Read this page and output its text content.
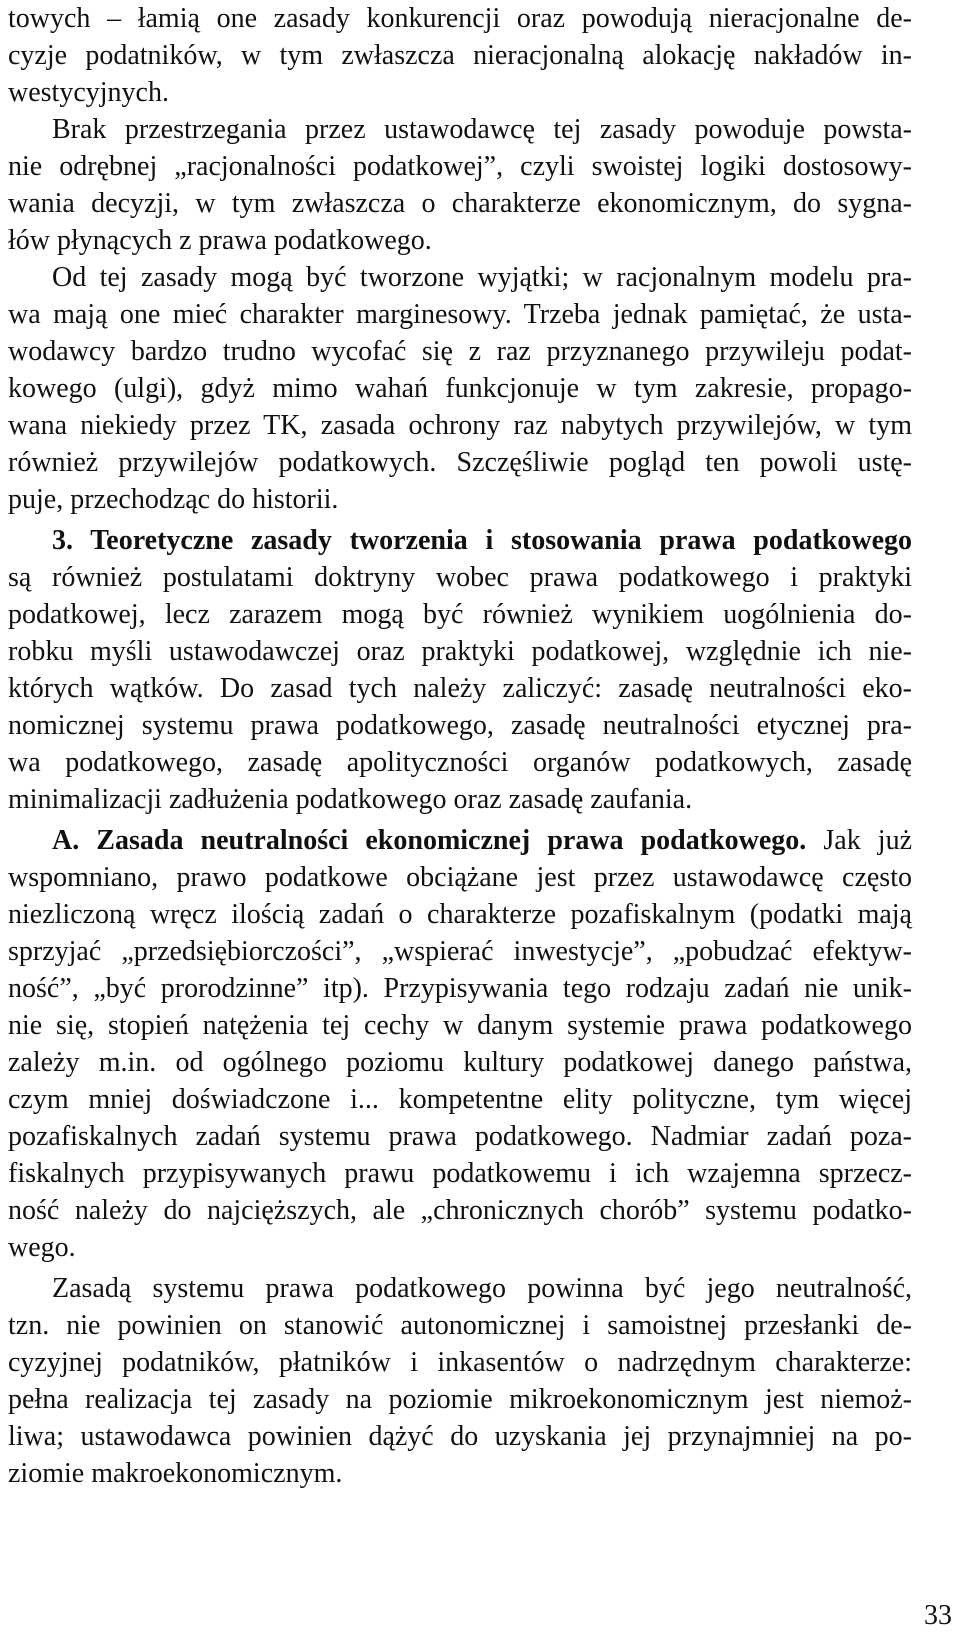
towych – łamią one zasady konkurencji oraz powodują nieracjonalne de-
cyzje podatników, w tym zwłaszcza nieracjonalną alokację nakładów in-
westycyjnych.
Brak przestrzegania przez ustawodawcę tej zasady powoduje powsta-
nie odrębnej „racjonalności podatkowej”, czyli swoistej logiki dostosowy-
wania decyzji, w tym zwłaszcza o charakterze ekonomicznym, do sygna-
łów płynących z prawa podatkowego.
Od tej zasady mogą być tworzone wyjątki; w racjonalnym modelu pra-
wa mają one mieć charakter marginesowy. Trzeba jednak pamiętać, że usta-
wodawcy bardzo trudno wycofać się z raz przyznanego przywileju podat-
kowego (ulgi), gdyż mimo wahań funkcjonuje w tym zakresie, propago-
wana niekiedy przez TK, zasada ochrony raz nabytych przywilejów, w tym
również przywilejów podatkowych. Szczęśliwie pogląd ten powoli ustę-
puje, przechodząc do historii.
3. Teoretyczne zasady tworzenia i stosowania prawa podatkowego
są również postulatami doktryny wobec prawa podatkowego i praktyki
podatkowej, lecz zarazem mogą być również wynikiem uogólnienia do-
robku myśli ustawodawczej oraz praktyki podatkowej, względnie ich nie-
których wątków. Do zasad tych należy zaliczyć: zasadę neutralności eko-
nomicznej systemu prawa podatkowego, zasadę neutralności etycznej pra-
wa podatkowego, zasadę apolityczności organów podatkowych, zasadę
minimalizacji zadłużenia podatkowego oraz zasadę zaufania.
A. Zasada neutralności ekonomicznej prawa podatkowego. Jak już
wspomniano, prawo podatkowe obciążane jest przez ustawodawcę często
niezliczoną wręcz ilością zadań o charakterze pozafiskalnym (podatki mają
sprzyjać „przedsiębiorczości”, „wspierać inwestycje”, „pobudzać efektyw-
ność”, „być prorodzinne” itp). Przypisywania tego rodzaju zadań nie unik-
nie się, stopień natężenia tej cechy w danym systemie prawa podatkowego
zależy m.in. od ogólnego poziomu kultury podatkowej danego państwa,
czym mniej doświadczone i... kompetentne elity polityczne, tym więcej
pozafiskalnych zadań systemu prawa podatkowego. Nadmiar zadań poza-
fiskalnych przypisywanych prawu podatkowemu i ich wzajemna sprzecz-
ność należy do najcięższych, ale „chronicznych chorób” systemu podatko-
wego.
Zasadą systemu prawa podatkowego powinna być jego neutralność,
tzn. nie powinien on stanowić autonomicznej i samoistnej przesłanki de-
cyzyjnej podatników, płatników i inkasentów o nadrzędnym charakterze:
pełna realizacja tej zasady na poziomie mikroekonomicznym jest niemoż-
liwa; ustawodawca powinien dążyć do uzyskania jej przynajmniej na po-
ziomie makroekonomicznym.
33
